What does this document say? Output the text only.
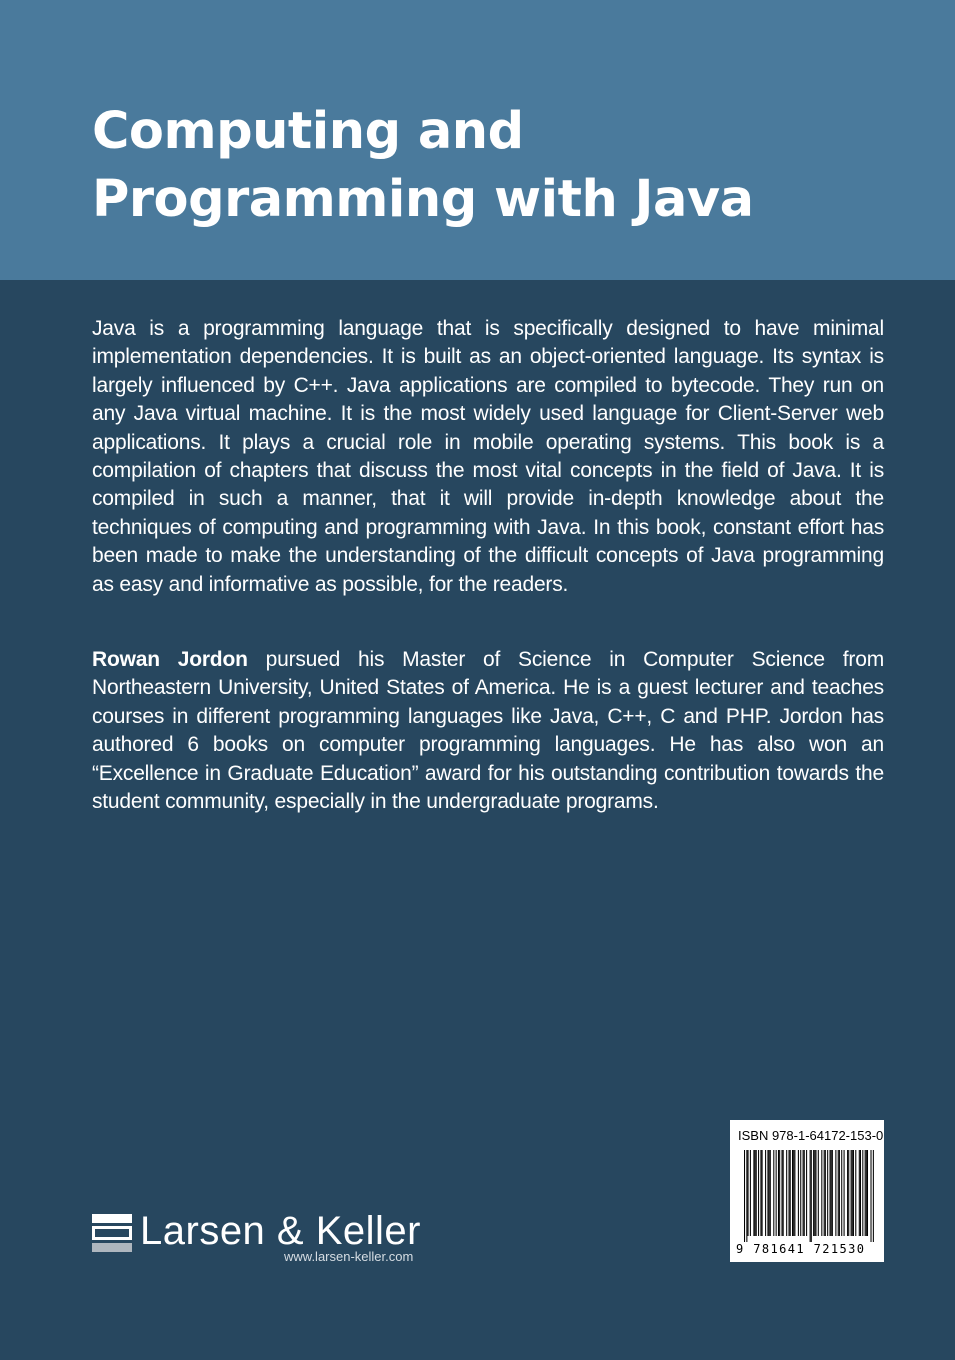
Computing and Programming with Java

Java is a programming language that is specifically designed to have minimal implementation dependencies. It is built as an object-oriented language. Its syntax is largely influenced by C++. Java applications are compiled to bytecode. They run on any Java virtual machine. It is the most widely used language for Client-Server web applications. It plays a crucial role in mobile operating systems. This book is a compilation of chapters that discuss the most vital concepts in the field of Java. It is compiled in such a manner, that it will provide in-depth knowledge about the techniques of computing and programming with Java. In this book, constant effort has been made to make the understanding of the difficult concepts of Java programming as easy and informative as possible, for the readers.

Rowan Jordon pursued his Master of Science in Computer Science from Northeastern University, United States of America. He is a guest lecturer and teaches courses in different programming languages like Java, C++, C and PHP. Jordon has authored 6 books on computer programming languages. He has also won an “Excellence in Graduate Education” award for his outstanding contribution towards the student community, especially in the undergraduate programs.

Larsen & Keller
www.larsen-keller.com
ISBN 978-1-64172-153-0
9 781641 721530
